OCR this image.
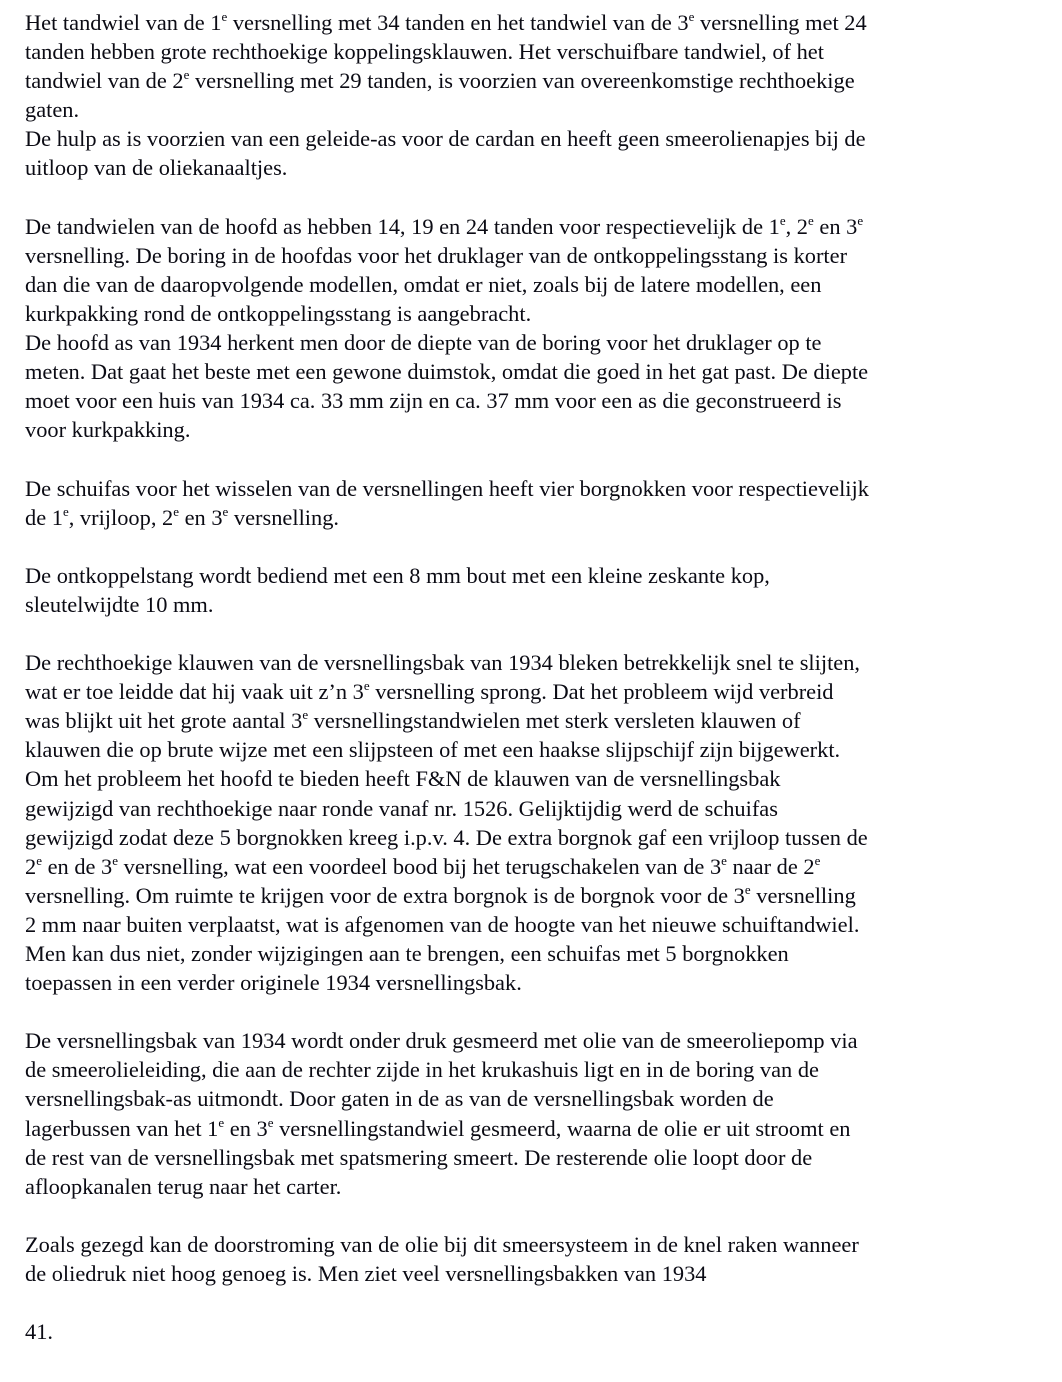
Het tandwiel van de 1e versnelling met 34 tanden en het tandwiel van de 3e versnelling met 24
tanden hebben grote rechthoekige koppelingsklauwen. Het verschuifbare tandwiel, of het
tandwiel van de 2e versnelling met 29 tanden, is voorzien van overeenkomstige rechthoekige
gaten.
De hulp as is voorzien van een geleide-as voor de cardan en heeft geen smeerolienapjes bij de
uitloop van de oliekanaaltjes.
De tandwielen van de hoofd as hebben 14, 19 en 24 tanden voor respectievelijk de 1e, 2e en 3e
versnelling. De boring in de hoofdas voor het druklager van de ontkoppelingsstang is korter
dan die van de daaropvolgende modellen, omdat er niet, zoals bij de latere modellen, een
kurkpakking rond de ontkoppelingsstang is aangebracht.
De hoofd as van 1934 herkent men door de diepte van de boring voor het druklager op te
meten. Dat gaat het beste met een gewone duimstok, omdat die goed in het gat past. De diepte
moet voor een huis van 1934 ca. 33 mm zijn en ca. 37 mm voor een as die geconstrueerd is
voor kurkpakking.
De schuifas voor het wisselen van de versnellingen heeft vier borgnokken voor respectievelijk
de 1e, vrijloop, 2e en 3e versnelling.
De ontkoppelstang wordt bediend met een 8 mm bout met een kleine zeskante kop,
sleutelwijdte 10 mm.
De rechthoekige klauwen van de versnellingsbak van 1934 bleken betrekkelijk snel te slijten,
wat er toe leidde dat hij vaak uit z’n 3e versnelling sprong. Dat het probleem wijd verbreid
was blijkt uit het grote aantal 3e versnellingstandwielen met sterk versleten klauwen of
klauwen die op brute wijze met een slijpsteen of met een haakse slijpschijf zijn bijgewerkt.
Om het probleem het hoofd te bieden heeft F&N de klauwen van de versnellingsbak
gewijzigd van rechthoekige naar ronde vanaf nr. 1526. Gelijktijdig werd de schuifas
gewijzigd zodat deze 5 borgnokken kreeg i.p.v. 4. De extra borgnok gaf een vrijloop tussen de
2e en de 3e versnelling, wat een voordeel bood bij het terugschakelen van de 3e naar de 2e
versnelling. Om ruimte te krijgen voor de extra borgnok is de borgnok voor de 3e versnelling
2 mm naar buiten verplaatst, wat is afgenomen van de hoogte van het nieuwe schuiftandwiel.
Men kan dus niet, zonder wijzigingen aan te brengen, een schuifas met 5 borgnokken
toepassen in een verder originele 1934 versnellingsbak.
De versnellingsbak van 1934 wordt onder druk gesmeerd met olie van de smeeroliepomp via
de smeerolieleiding, die aan de rechter zijde in het krukashuis ligt en in de boring van de
versnellingsbak-as uitmondt. Door gaten in de as van de versnellingsbak worden de
lagerbussen van het 1e en 3e versnellingstandwiel gesmeerd, waarna de olie er uit stroomt en
de rest van de versnellingsbak met spatsmering smeert. De resterende olie loopt door de
afloopkanalen terug naar het carter.
Zoals gezegd kan de doorstroming van de olie bij dit smeersysteem in de knel raken wanneer
de oliedruk niet hoog genoeg is. Men ziet veel versnellingsbakken van 1934
41.
